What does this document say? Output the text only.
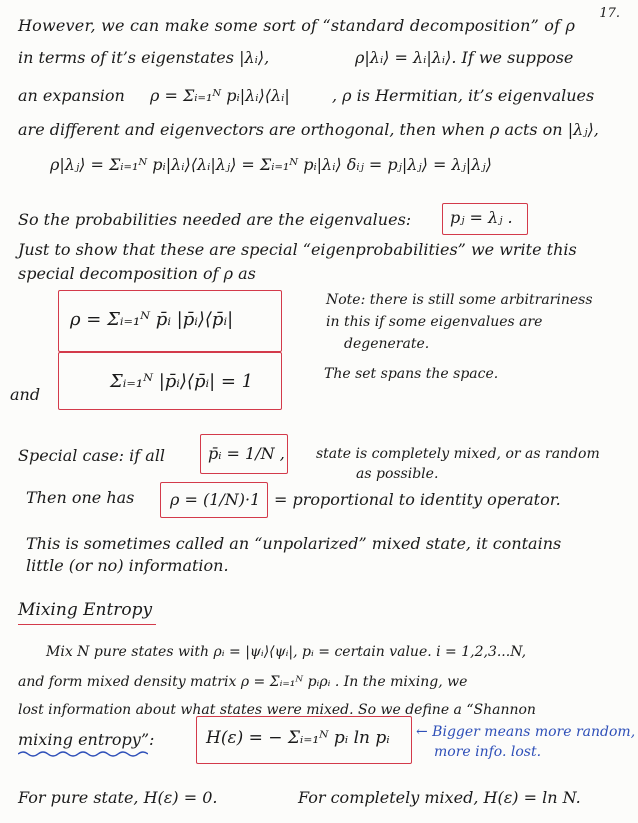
17.
However, we can make some sort of “standard decomposition” of ρ
in terms of it’s eigenstates |λᵢ⟩,	ρ|λᵢ⟩ = λᵢ|λᵢ⟩. If we suppose
an expansion ρ = Σᵢ₌₁ᴺ pᵢ|λᵢ⟩⟨λᵢ|	, ρ is Hermitian, it’s eigenvalues
are different and eigenvectors are orthogonal, then when ρ acts on |λⱼ⟩,
ρ|λⱼ⟩ = Σᵢ₌₁ᴺ pᵢ|λᵢ⟩⟨λᵢ|λⱼ⟩ = Σᵢ₌₁ᴺ pᵢ|λᵢ⟩ δᵢⱼ = pⱼ|λⱼ⟩ = λⱼ|λⱼ⟩
So the probabilities needed are the eigenvalues: pⱼ = λⱼ .
Just to show that these are special “eigenprobabilities” we write this
special decomposition of ρ as
ρ = Σᵢ₌₁ᴺ p̄ᵢ |p̄ᵢ⟩⟨p̄ᵢ|
Note: there is still some arbitrariness
in this if some eigenvalues are
degenerate.
and
Σᵢ₌₁ᴺ |p̄ᵢ⟩⟨p̄ᵢ| = 1	The set spans the space.
Special case: if all	p̄ᵢ = 1/N , state is completely mixed, or as random
as possible.
Then one has ρ = (1/N)·1 = proportional to identity operator.
This is sometimes called an “unpolarized” mixed state, it contains
little (or no) information.
Mixing Entropy
Mix N pure states with ρᵢ = |ψᵢ⟩⟨ψᵢ|, pᵢ = certain value. i = 1,2,3...N,
and form mixed density matrix ρ = Σᵢ₌₁ᴺ pᵢρᵢ . In the mixing, we
lost information about what states were mixed. So we define a “Shannon
mixing entropy”:	H(ε) = − Σᵢ₌₁ᴺ pᵢ ln pᵢ ← Bigger means more random,
more info. lost.
For pure state, H(ε) = 0.	For completely mixed, H(ε) = ln N.
